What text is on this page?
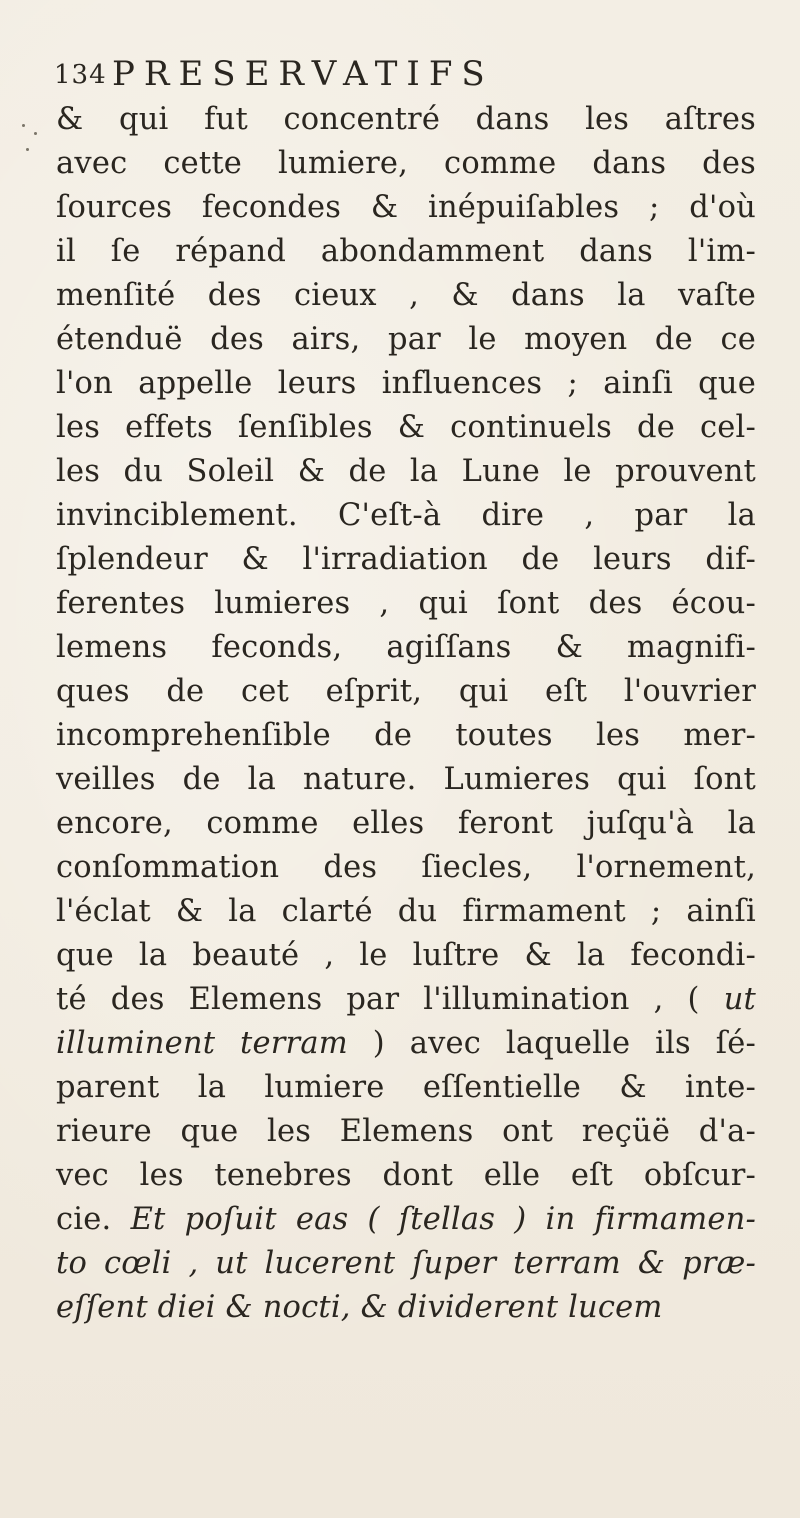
134 PRESERVATIFS
& qui fut concentré dans les aſtres
avec cette lumiere, comme dans des
ſources fecondes & inépuiſables ; d'où
il ſe répand abondamment dans l'im-
menſité des cieux , & dans la vaſte
étenduë des airs, par le moyen de ce
l'on appelle leurs influences ; ainſi que
les effets ſenſibles & continuels de cel-
les du Soleil & de la Lune le prouvent
invinciblement. C'eſt-à dire , par la
ſplendeur & l'irradiation de leurs dif-
ferentes lumieres , qui ſont des écou-
lemens feconds, agiſſans & magnifi-
ques de cet eſprit, qui eſt l'ouvrier
incomprehenſible de toutes les mer-
veilles de la nature. Lumieres qui ſont
encore, comme elles feront juſqu'à la
conſommation des ſiecles, l'ornement,
l'éclat & la clarté du firmament ; ainſi
que la beauté , le luſtre & la fecondi-
té des Elemens par l'illumination , ( ut
illuminent terram ) avec laquelle ils ſé-
parent la lumiere eſſentielle & inte-
rieure que les Elemens ont reçüë d'a-
vec les tenebres dont elle eſt obſcur-
cie. Et poſuit eas ( ſtellas ) in firmamen-
to cœli , ut lucerent ſuper terram & præ-
eſſent diei & nocti, & dividerent lucem
